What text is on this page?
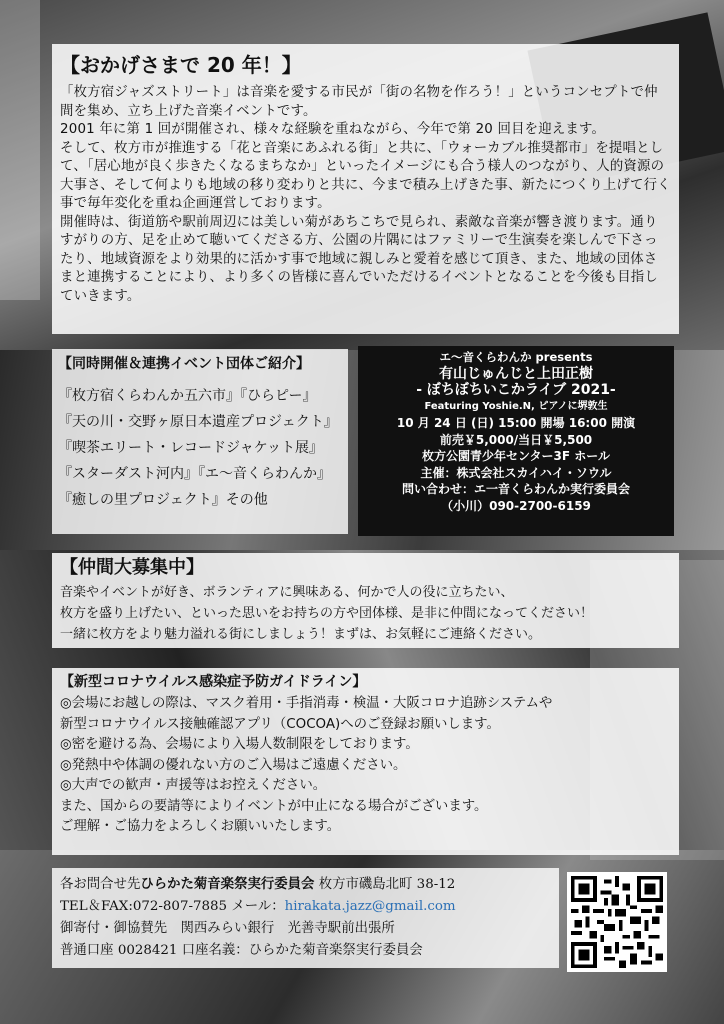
【おかげさまで 20 年！】

「枚方宿ジャズストリート」は音楽を愛する市民が「街の名物を作ろう！」というコンセプトで仲間を集め、立ち上げた音楽イベントです。

2001 年に第 1 回が開催され、様々な経験を重ねながら、今年で第 20 回目を迎えます。

そして、枚方市が推進する「花と音楽にあふれる街」と共に、「ウォーカブル推奨都市」を提唱として、「居心地が良く歩きたくなるまちなか」といったイメージにも合う様人のつながり、人的資源の大事さ、そして何よりも地域の移り変わりと共に、今まで積み上げきた事、新たにつくり上げて行く事で毎年変化を重ね企画運営しております。

開催時は、街道筋や駅前周辺には美しい菊があちこちで見られ、素敵な音楽が響き渡ります。通りすがりの方、足を止めて聴いてくださる方、公園の片隅にはファミリーで生演奏を楽しんで下さったり、地域資源をより効果的に活かす事で地域に親しみと愛着を感じて頂き、また、地域の団体さまと連携することにより、より多くの皆様に喜んでいただけるイベントとなることを今後も目指していきます。

【同時開催＆連携イベント団体ご紹介】
『枚方宿くらわんか五六市』『ひらピー』
『天の川・交野ヶ原日本遺産プロジェクト』
『喫茶エリート・レコードジャケット展』
『スターダスト河内』『エ～音くらわんか』
『癒しの里プロジェクト』その他
エ～音くらわんか presents
有山じゅんじと上田正樹
- ぼちぼちいこかライブ 2021-
Featuring Yoshie.N, ピアノに堺敦生
10 月 24 日 (日) 15:00 開場 16:00 開演
前売￥5,000/当日￥5,500
枚方公園青少年センター3F ホール
主催：株式会社スカイハイ・ソウル
問い合わせ：エ一音くらわんか実行委員会
（小川）090-2700-6159
【仲間大募集中】

音楽やイベントが好き、ボランティアに興味ある、何かで人の役に立ちたい、

枚方を盛り上げたい、といった思いをお持ちの方や団体様、是非に仲間になってください！

一緒に枚方をより魅力溢れる街にしましょう！まずは、お気軽にご連絡ください。

【新型コロナウイルス感染症予防ガイドライン】

◎会場にお越しの際は、マスク着用・手指消毒・検温・大阪コロナ追跡システムや

新型コロナウイルス接触確認アプリ（COCOA)へのご登録お願いします。

◎密を避ける為、会場により入場人数制限をしております。

◎発熱中や体調の優れない方のご入場はご遠慮ください。

◎大声での歓声・声援等はお控えください。

また、国からの要請等によりイベントが中止になる場合がございます。

ご理解・ご協力をよろしくお願いいたします。

各お問合せ先ひらかた菊音楽祭実行委員会 枚方市磯島北町 38-12

TEL＆FAX:072-807-7885 メール：hirakata.jazz@gmail.com

御寄付・御協賛先　関西みらい銀行　光善寺駅前出張所

普通口座 0028421 口座名義：ひらかた菊音楽祭実行委員会
